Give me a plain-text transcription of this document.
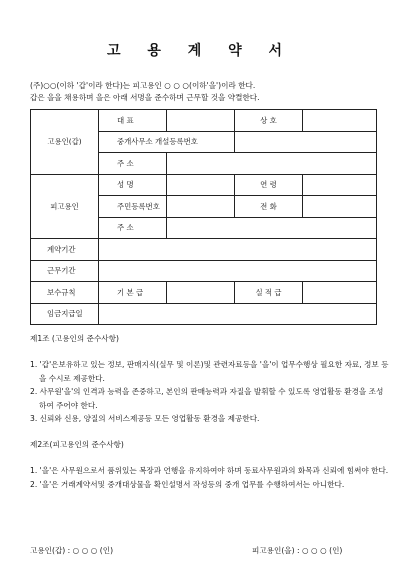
고 용 계 약 서
(주)○○(이하 '갑'이라 한다)는 피고용인 ○ ○ ○(이하'을')이라 한다.
갑은 을을 채용하며 을은 아래 서명을 준수하며 근무할 것을 약켤한다.
고용인(갑)	대 표		상 호	
	중개사무소 개설등록번호			
	주 소			
피고용인	성 명		연 령	
	주민등록번호		전 화	
	주 소			
계약기간				
근무기간				
보수규칙	기 본 급		실 적 급	
임금지급일				

제1조 (고용인의 준수사항)

1. '갑'은보유하고 있는 정보, 판매지식(실무 및 이론)및 관련자료등을 '을'이 업무수행상 필요한 자료, 정보 등을 수시로 제공한다.

2. 사무원'을'의 인격과 능력을 존중하고, 본인의 판매능력과 자질을 발휘할 수 있도록 영업활동 환경을 조성하여 주어야 한다.

3. 신뢰와 신용, 양질의 서비스제공등 모든 영업활동 환경을 제공한다.

제2조(피고용인의 준수사항)

1. '을'은 사무원으로서 품위있는 복장과 언행을 유지하여야 하며 동료사무원과의 화목과 신뢰에 힘써야 한다.

2. '을'은 거래계약서및 중개대상물을 확인설명서 작성등의 중개 업무를 수행하여서는 아니한다.

고용인(갑) : ○ ○ ○ (인)	피고용인(을) : ○ ○ ○ (인)
